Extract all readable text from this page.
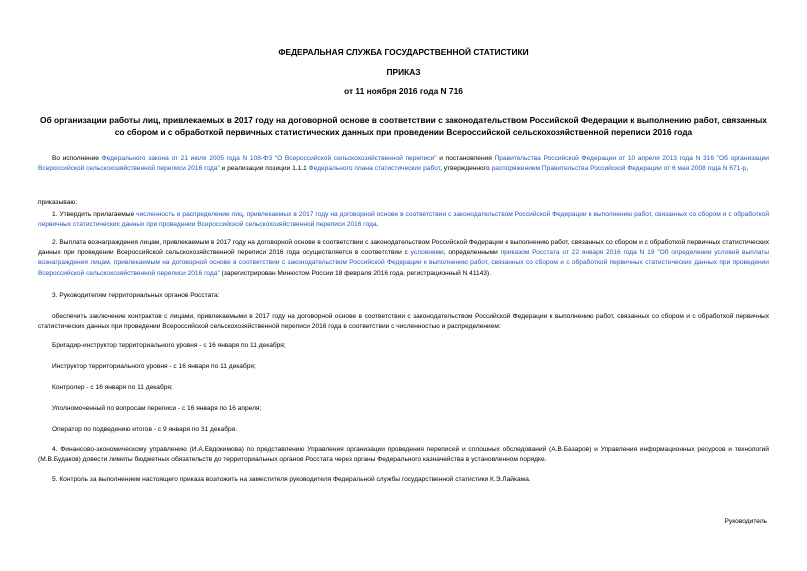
ФЕДЕРАЛЬНАЯ СЛУЖБА ГОСУДАРСТВЕННОЙ СТАТИСТИКИ
ПРИКАЗ
от 11 ноября 2016 года N 716
Об организации работы лиц, привлекаемых в 2017 году на договорной основе в соответствии с законодательством Российской Федерации к выполнению работ, связанных со сбором и с обработкой первичных статистических данных при проведении Всероссийской сельскохозяйственной переписи 2016 года
Во исполнение Федерального закона от 21 июля 2005 года N 108-ФЗ "О Всероссийской сельскохозяйственной переписи" и постановления Правительства Российской Федерации от 10 апреля 2013 года N 316 "Об организации Всероссийской сельскохозяйственной переписи 2016 года" и реализации позиции 1.1.1 Федерального плана статистических работ, утвержденного распоряжением Правительства Российской Федерации от 6 мая 2008 года N 671-р,
приказываю:
1. Утвердить прилагаемые численность и распределение лиц, привлекаемых в 2017 году на договорной основе в соответствии с законодательством Российской Федерации к выполнению работ, связанных со сбором и с обработкой первичных статистических данных при проведении Всероссийской сельскохозяйственной переписи 2016 года.
2. Выплата вознаграждения лицам, привлекаемым в 2017 году на договорной основе в соответствии с законодательством Российской Федерации к выполнению работ, связанных со сбором и с обработкой первичных статистических данных при проведении Всероссийской сельскохозяйственной переписи 2016 года осуществляется в соответствии с условиями, определенными приказом Росстата от 22 января 2016 года N 19 "Об определении условий выплаты вознаграждения лицам, привлекаемым на договорной основе в соответствии с законодательством Российской Федерации к выполнению работ, связанных со сбором и с обработкой первичных статистических данных при проведении Всероссийской сельскохозяйственной переписи 2016 года" (зарегистрирован Минюстом России 18 февраля 2016 года, регистрационный N 41143).
3. Руководителям территориальных органов Росстата:
обеспечить заключение контрактов с лицами, привлекаемыми в 2017 году на договорной основе в соответствии с законодательством Российской Федерации к выполнению работ, связанных со сбором и с обработкой первичных статистических данных при проведении Всероссийской сельскохозяйственной переписи 2016 года в соответствии с численностью и распределением:
Бригадир-инструктор территориального уровня - с 16 января по 11 декабря;
Инструктор территориального уровня - с 16 января по 11 декабря;
Контролер - с 16 января по 11 декабря;
Уполномоченный по вопросам переписи - с 16 января по 16 апреля;
Оператор по подведению итогов - с 9 января по 31 декабря.
4. Финансово-экономическому управлению (И.А.Евдокимова) по представлению Управления организации проведения переписей и сплошных обследований (А.В.Базаров) и Управления информационных ресурсов и технологий (М.В.Будаков) довести лимиты бюджетных обязательств до территориальных органов Росстата через органы Федерального казначейства в установленном порядке.
5. Контроль за выполнением настоящего приказа возложить на заместителя руководителя Федеральной службы государственной статистики К.Э.Лайкама.
Руководитель
